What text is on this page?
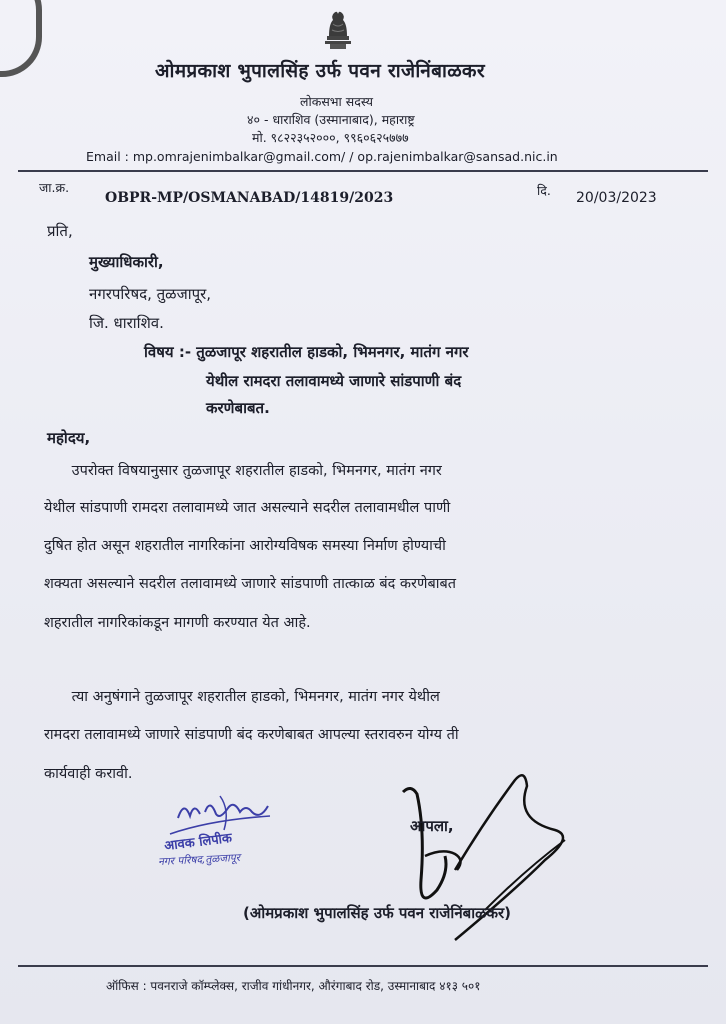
ओमप्रकाश भुपालसिंह उर्फ पवन राजेनिंबाळकर
लोकसभा सदस्य
४० - धाराशिव (उस्मानाबाद), महाराष्ट्र
मो. ९८२२३५२०००, ९९६०६२५७७७
Email : mp.omrajenimbalkar@gmail.com/ / op.rajenimbalkar@sansad.nic.in
जा.क्र.
OBPR-MP/OSMANABAD/14819/2023	दि. 20/03/2023
प्रति,
मुख्याधिकारी,
नगरपरिषद, तुळजापूर,
जि. धाराशिव.
विषय :- तुळजापूर शहरातील हाडको, भिमनगर, मातंग नगर
येथील रामदरा तलावामध्ये जाणारे सांडपाणी बंद
करणेबाबत.
महोदय,
उपरोक्त विषयानुसार तुळजापूर शहरातील हाडको, भिमनगर, मातंग नगर
येथील सांडपाणी रामदरा तलावामध्ये जात असल्याने सदरील तलावामधील पाणी
दुषित होत असून शहरातील नागरिकांना आरोग्यविषक समस्या निर्माण होण्याची
शक्यता असल्याने सदरील तलावामध्ये जाणारे सांडपाणी तात्काळ बंद करणेबाबत
शहरातील नागरिकांकडून मागणी करण्यात येत आहे.
त्या अनुषंगाने तुळजापूर शहरातील हाडको, भिमनगर, मातंग नगर येथील
रामदरा तलावामध्ये जाणारे सांडपाणी बंद करणेबाबत आपल्या स्तरावरुन योग्य ती
कार्यवाही करावी.
आवक लिपीक
नगर परिषद,तुळजापूर
आपला,
(ओमप्रकाश भुपालसिंह उर्फ पवन राजेनिंबाळकर)
ऑफिस : पवनराजे कॉम्प्लेक्स, राजीव गांधीनगर, औरंगाबाद रोड, उस्मानाबाद ४१३ ५०१
